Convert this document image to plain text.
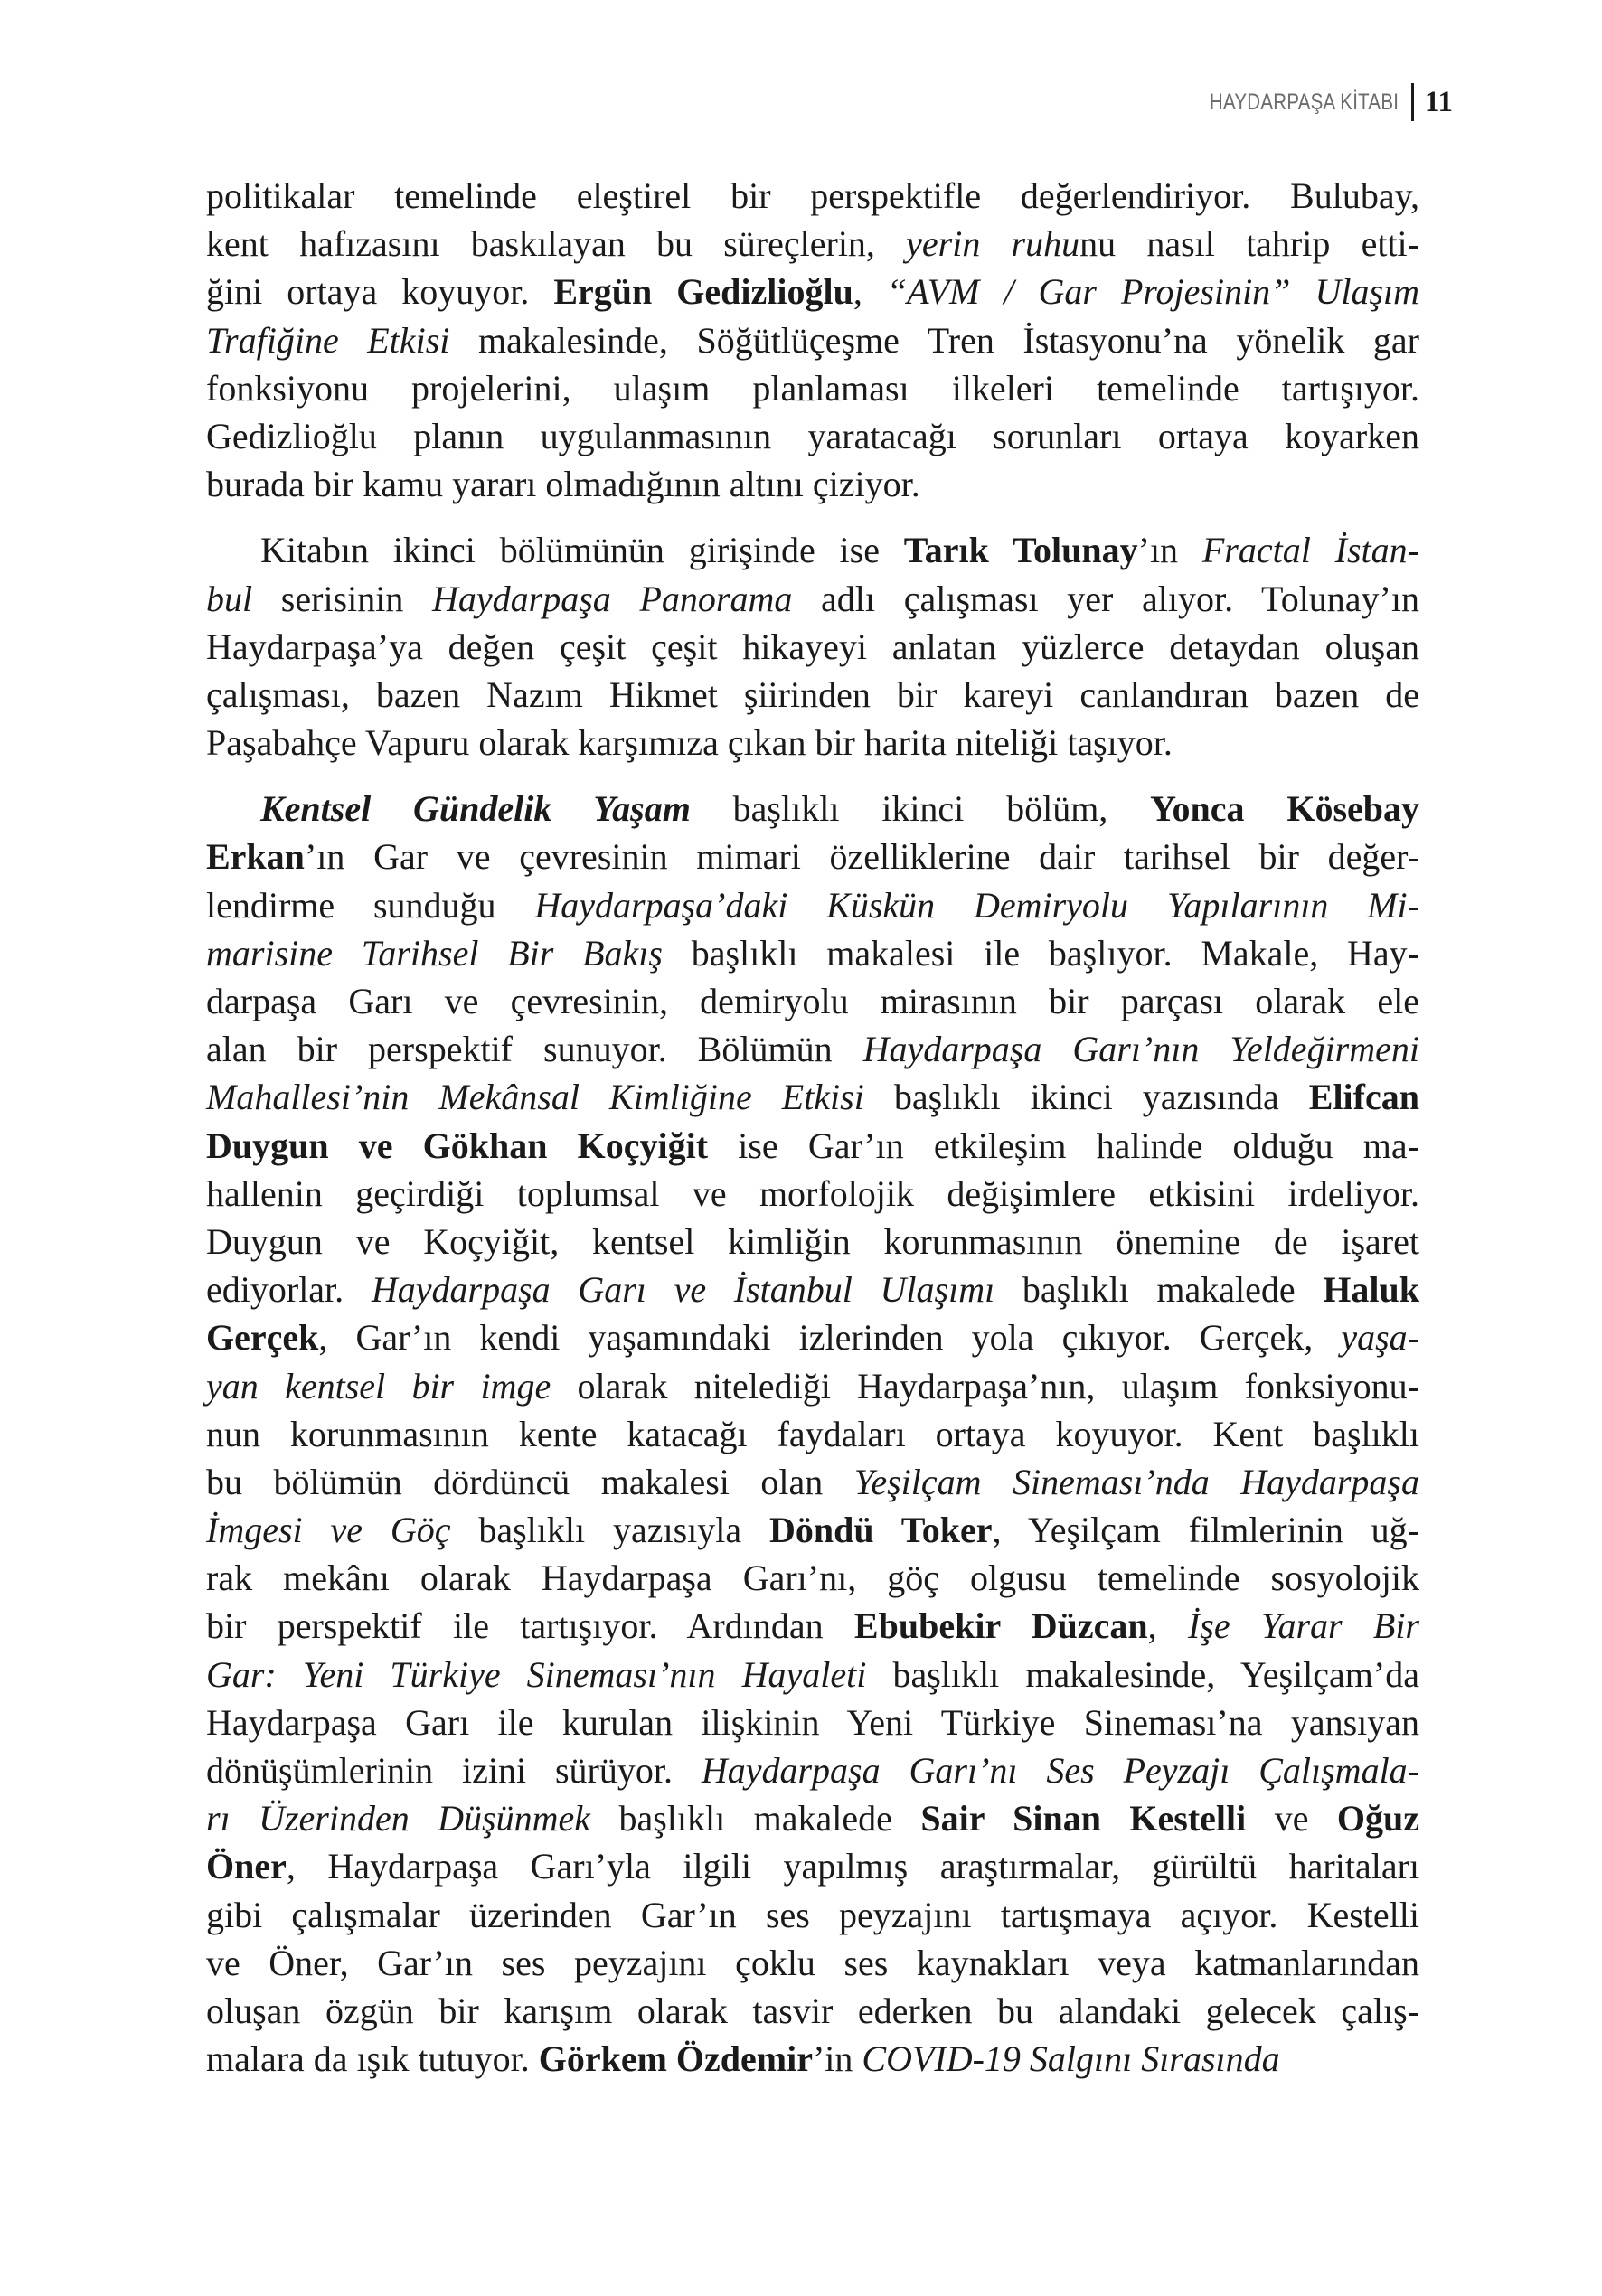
HAYDARPAŞA KİTABI 11
politikalar temelinde eleştirel bir perspektifle değerlendiriyor. Bulubay,
kent hafızasını baskılayan bu süreçlerin, yerin ruhunu nasıl tahrip etti-
ğini ortaya koyuyor. Ergün Gedizlioğlu, “AVM / Gar Projesinin” Ulaşım
Trafiğine Etkisi makalesinde, Söğütlüçeşme Tren İstasyonu’na yönelik gar
fonksiyonu projelerini, ulaşım planlaması ilkeleri temelinde tartışıyor.
Gedizlioğlu planın uygulanmasının yaratacağı sorunları ortaya koyarken
burada bir kamu yararı olmadığının altını çiziyor.
Kitabın ikinci bölümünün girişinde ise Tarık Tolunay’ın Fractal İstan-
bul serisinin Haydarpaşa Panorama adlı çalışması yer alıyor. Tolunay’ın
Haydarpaşa’ya değen çeşit çeşit hikayeyi anlatan yüzlerce detaydan oluşan
çalışması, bazen Nazım Hikmet şiirinden bir kareyi canlandıran bazen de
Paşabahçe Vapuru olarak karşımıza çıkan bir harita niteliği taşıyor.
Kentsel Gündelik Yaşam başlıklı ikinci bölüm, Yonca Kösebay
Erkan’ın Gar ve çevresinin mimari özelliklerine dair tarihsel bir değer-
lendirme sunduğu Haydarpaşa’daki Küskün Demiryolu Yapılarının Mi-
marisine Tarihsel Bir Bakış başlıklı makalesi ile başlıyor. Makale, Hay-
darpaşa Garı ve çevresinin, demiryolu mirasının bir parçası olarak ele
alan bir perspektif sunuyor. Bölümün Haydarpaşa Garı’nın Yeldeğirmeni
Mahallesi’nin Mekânsal Kimliğine Etkisi başlıklı ikinci yazısında Elifcan
Duygun ve Gökhan Koçyiğit ise Gar’ın etkileşim halinde olduğu ma-
hallenin geçirdiği toplumsal ve morfolojik değişimlere etkisini irdeliyor.
Duygun ve Koçyiğit, kentsel kimliğin korunmasının önemine de işaret
ediyorlar. Haydarpaşa Garı ve İstanbul Ulaşımı başlıklı makalede Haluk
Gerçek, Gar’ın kendi yaşamındaki izlerinden yola çıkıyor. Gerçek, yaşa-
yan kentsel bir imge olarak nitelediği Haydarpaşa’nın, ulaşım fonksiyonu-
nun korunmasının kente katacağı faydaları ortaya koyuyor. Kent başlıklı
bu bölümün dördüncü makalesi olan Yeşilçam Sineması’nda Haydarpaşa
İmgesi ve Göç başlıklı yazısıyla Döndü Toker, Yeşilçam filmlerinin uğ-
rak mekânı olarak Haydarpaşa Garı’nı, göç olgusu temelinde sosyolojik
bir perspektif ile tartışıyor. Ardından Ebubekir Düzcan, İşe Yarar Bir
Gar: Yeni Türkiye Sineması’nın Hayaleti başlıklı makalesinde, Yeşilçam’da
Haydarpaşa Garı ile kurulan ilişkinin Yeni Türkiye Sineması’na yansıyan
dönüşümlerinin izini sürüyor. Haydarpaşa Garı’nı Ses Peyzajı Çalışmala-
rı Üzerinden Düşünmek başlıklı makalede Sair Sinan Kestelli ve Oğuz
Öner, Haydarpaşa Garı’yla ilgili yapılmış araştırmalar, gürültü haritaları
gibi çalışmalar üzerinden Gar’ın ses peyzajını tartışmaya açıyor. Kestelli
ve Öner, Gar’ın ses peyzajını çoklu ses kaynakları veya katmanlarından
oluşan özgün bir karışım olarak tasvir ederken bu alandaki gelecek çalış-
malara da ışık tutuyor. Görkem Özdemir’in COVID-19 Salgını Sırasında
